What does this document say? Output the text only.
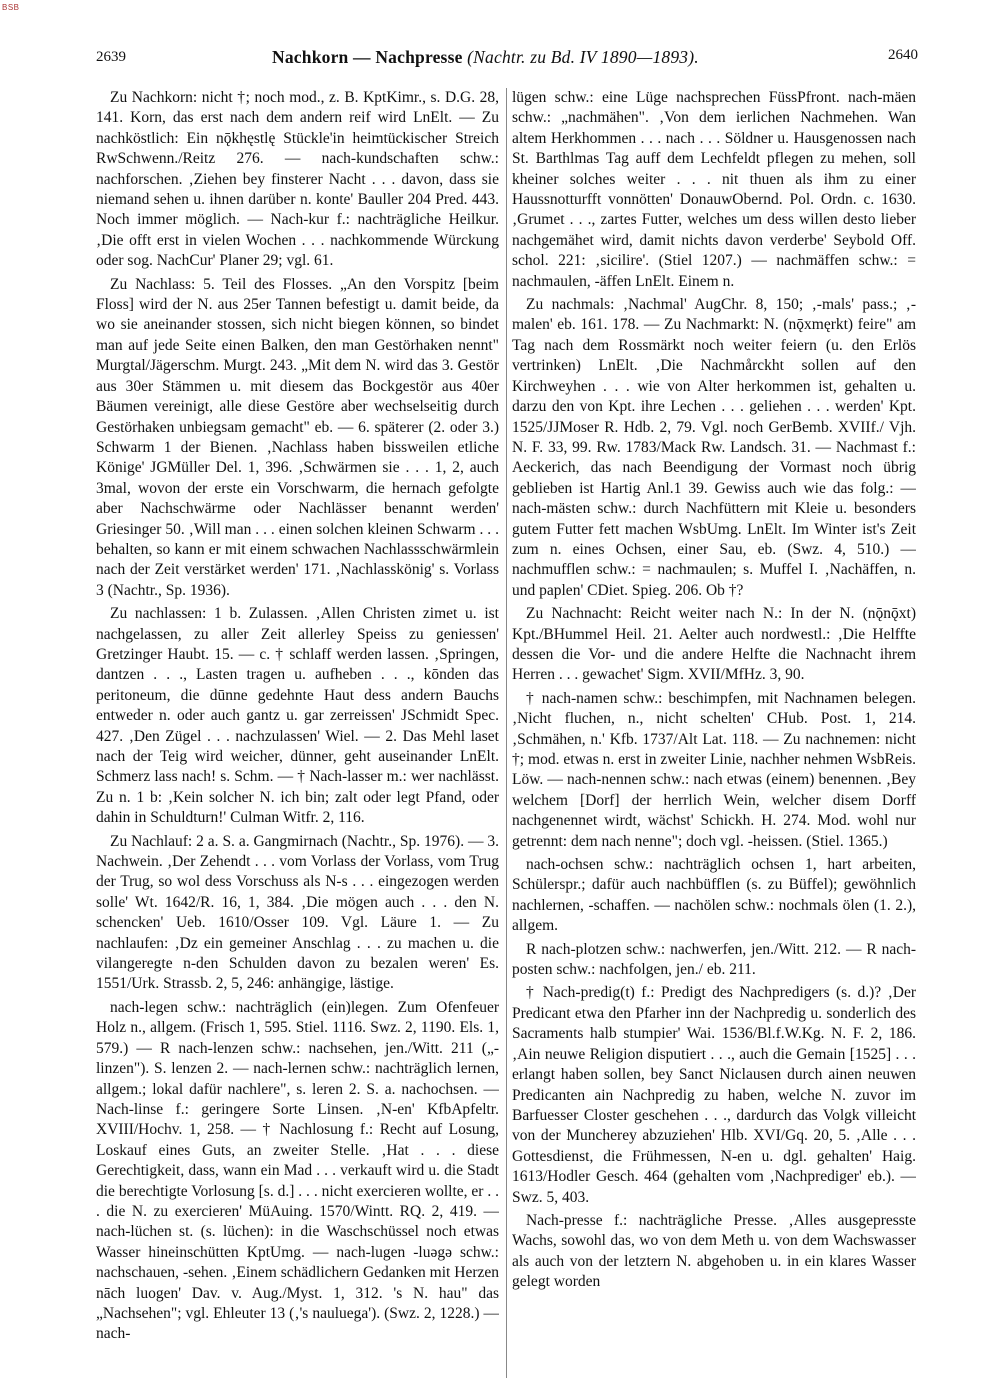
BSB
2639	Nachkorn — Nachpresse (Nachtr. zu Bd. IV 1890—1893).	2640

Zu Nachkorn: nicht †; noch mod., z. B. KptKimr., s. D.G. 28, 141. Korn, das erst nach dem andern reif wird LnElt. — Zu nachköstlich: Ein nǭkhęstlę Stückle'in heimtückischer Streich RwSchwenn./Reitz 276. — nach-kundschaften schw.: nachforschen. ‚Ziehen bey finsterer Nacht . . . davon, dass sie niemand sehen u. ihnen darüber n. konte' Bauller 204 Pred. 443. Noch immer möglich. — Nach-kur f.: nachträgliche Heilkur. ‚Die offt erst in vielen Wochen . . . nachkommende Würckung oder sog. NachCur' Planer 29; vgl. 61.

Zu Nachlass: 5. Teil des Flosses. „An den Vorspitz [beim Floss] wird der N. aus 25er Tannen befestigt u. damit beide, da wo sie aneinander stossen, sich nicht biegen können, so bindet man auf jede Seite einen Balken, den man Gestörhaken nennt" Murgtal/Jägerschm. Murgt. 243. „Mit dem N. wird das 3. Gestör aus 30er Stämmen u. mit diesem das Bockgestör aus 40er Bäumen vereinigt, alle diese Gestöre aber wechselseitig durch Gestörhaken unbiegsam gemacht" eb. — 6. späterer (2. oder 3.) Schwarm 1 der Bienen. ‚Nachlass haben bissweilen etliche Könige' JGMüller Del. 1, 396. ‚Schwärmen sie . . . 1, 2, auch 3mal, wovon der erste ein Vorschwarm, die hernach gefolgte aber Nachschwärme oder Nachlässer benannt werden' Griesinger 50. ‚Will man . . . einen solchen kleinen Schwarm . . . behalten, so kann er mit einem schwachen Nachlassschwärmlein nach der Zeit verstärket werden' 171. ‚Nachlasskönig' s. Vorlass 3 (Nachtr., Sp. 1936).

Zu nachlassen: 1 b. Zulassen. ‚Allen Christen zimet u. ist nachgelassen, zu aller Zeit allerley Speiss zu geniessen' Gretzinger Haubt. 15. — c. † schlaff werden lassen. ‚Springen, dantzen . . ., Lasten tragen u. aufheben . . ., kōnden das peritoneum, die dūnne gedehnte Haut dess andern Bauchs entweder n. oder auch gantz u. gar zerreissen' JSchmidt Spec. 427. ‚Den Zügel . . . nachzulassen' Wiel. — 2. Das Mehl laset nach der Teig wird weicher, dünner, geht auseinander LnElt. Schmerz lass nach! s. Schm. — † Nach-lasser m.: wer nachlässt. Zu n. 1 b: ‚Kein solcher N. ich bin; zalt oder legt Pfand, oder dahin in Schuldturn!' Culman Witfr. 2, 116.

Zu Nachlauf: 2 a. S. a. Gangmirnach (Nachtr., Sp. 1976). — 3. Nachwein. ‚Der Zehendt . . . vom Vorlass der Vorlass, vom Trug der Trug, so wol dess Vorschuss als N-s . . . eingezogen werden solle' Wt. 1642/R. 16, 1, 384. ‚Die mögen auch . . . den N. schencken' Ueb. 1610/Osser 109. Vgl. Läure 1. — Zu nachlaufen: ‚Dz ein gemeiner Anschlag . . . zu machen u. die vilangeregte n-den Schulden davon zu bezalen weren' Es. 1551/Urk. Strassb. 2, 5, 246: anhängige, lästige.

nach-legen schw.: nachträglich (ein)legen. Zum Ofenfeuer Holz n., allgem. (Frisch 1, 595. Stiel. 1116. Swz. 2, 1190. Els. 1, 579.) — R nach-lenzen schw.: nachsehen, jen./Witt. 211 („-linzen"). S. lenzen 2. — nach-lernen schw.: nachträglich lernen, allgem.; lokal dafür nachlere", s. leren 2. S. a. nachochsen. — Nach-linse f.: geringere Sorte Linsen. ‚N-en' KfbApfeltr. XVIII/Hochv. 1, 258. — † Nachlosung f.: Recht auf Losung, Loskauf eines Guts, an zweiter Stelle. ‚Hat . . . diese Gerechtigkeit, dass, wann ein Mad . . . verkauft wird u. die Stadt die berechtigte Vorlosung [s. d.] . . . nicht exercieren wollte, er . . . die N. zu exercieren' MüAuing. 1570/Wintt. RQ. 2, 419. — nach-lüchen st. (s. lüchen): in die Waschschüssel noch etwas Wasser hineinschütten KptUmg. — nach-lugen -luəgə schw.: nachschauen, -sehen. ‚Einem schädlichern Gedanken mit Herzen nāch luogen' Dav. v. Aug./Myst. 1, 312. 's N. hau" das „Nachsehen"; vgl. Ehleuter 13 (‚'s nauluega'). (Swz. 2, 1228.) — nach-

lügen schw.: eine Lüge nachsprechen FüssPfront. nach-mäen schw.: „nachmähen". ‚Von dem ierlichen Nachmehen. Wan altem Herkhommen . . . nach . . . Söldner u. Hausgenossen nach St. Barthlmas Tag auff dem Lechfeldt pflegen zu mehen, soll kheiner solches weiter . . . nit thuen als ihm zu einer Haussnotturfft vonnötten' DonauwObernd. Pol. Ordn. c. 1630. ‚Grumet . . ., zartes Futter, welches um dess willen desto lieber nachgemähet wird, damit nichts davon verderbe' Seybold Off. schol. 221: ‚sicilire'. (Stiel 1207.) — nachmäffen schw.: = nachmaulen, -äffen LnElt. Einem n.

Zu nachmals: ‚Nachmal' AugChr. 8, 150; ‚-mals' pass.; ‚-malen' eb. 161. 178. — Zu Nachmarkt: N. (nǭxmęrkt) feire" am Tag nach dem Rossmärkt noch weiter feiern (u. den Erlös vertrinken) LnElt. ‚Die Nachmårckht sollen auf den Kirchweyhen . . . wie von Alter herkommen ist, gehalten u. darzu den von Kpt. ihre Lechen . . . geliehen . . . werden' Kpt. 1525/JJMoser R. Hdb. 2, 79. Vgl. noch GerBemb. XVIIf./ Vjh. N. F. 33, 99. Rw. 1783/Mack Rw. Landsch. 31. — Nachmast f.: Aeckerich, das nach Beendigung der Vormast noch übrig geblieben ist Hartig Anl.1 39. Gewiss auch wie das folg.: — nach-mästen schw.: durch Nachfüttern mit Kleie u. besonders gutem Futter fett machen WsbUmg. LnElt. Im Winter ist's Zeit zum n. eines Ochsen, einer Sau, eb. (Swz. 4, 510.) — nachmufflen schw.: = nachmaulen; s. Muffel I. ‚Nachäffen, n. und paplen' CDiet. Spieg. 206. Ob †?

Zu Nachnacht: Reicht weiter nach N.: In der N. (nǭnǭxt) Kpt./BHummel Heil. 21. Aelter auch nordwestl.: ‚Die Helffte dessen die Vor- und die andere Helfte die Nachnacht ihrem Herren . . . gewachet' Sigm. XVII/MfHz. 3, 90.

† nach-namen schw.: beschimpfen, mit Nachnamen belegen. ‚Nicht fluchen, n., nicht schelten' CHub. Post. 1, 214. ‚Schmähen, n.' Kfb. 1737/Alt Lat. 118. — Zu nachnemen: nicht †; mod. etwas n. erst in zweiter Linie, nachher nehmen WsbReis. Löw. — nach-nennen schw.: nach etwas (einem) benennen. ‚Bey welchem [Dorf] der herrlich Wein, welcher disem Dorff nachgenennet wirdt, wächst' Schickh. H. 274. Mod. wohl nur getrennt: dem nach nenne"; doch vgl. -heissen. (Stiel. 1365.)

nach-ochsen schw.: nachträglich ochsen 1, hart arbeiten, Schülerspr.; dafür auch nachbüfflen (s. zu Büffel); gewöhnlich nachlernen, -schaffen. — nachölen schw.: nochmals ölen (1. 2.), allgem.

R nach-plotzen schw.: nachwerfen, jen./Witt. 212. — R nach-posten schw.: nachfolgen, jen./ eb. 211.

† Nach-predig(t) f.: Predigt des Nachpredigers (s. d.)? ‚Der Predicant etwa den Pfarher inn der Nachpredig u. sonderlich des Sacraments halb stumpier' Wai. 1536/Bl.f.W.Kg. N. F. 2, 186. ‚Ain neuwe Religion disputiert . . ., auch die Gemain [1525] . . . erlangt haben sollen, bey Sanct Niclausen durch ainen neuwen Predicanten ain Nachpredig zu haben, welche N. zuvor im Barfuesser Closter geschehen . . ., dardurch das Volgk villeicht von der Muncherey abzuziehen' Hlb. XVI/Gq. 20, 5. ‚Alle . . . Gottesdienst, die Frühmessen, N-en u. dgl. gehalten' Haig. 1613/Hodler Gesch. 464 (gehalten vom ‚Nachprediger' eb.). — Swz. 5, 403.

Nach-presse f.: nachträgliche Presse. ‚Alles ausgepresste Wachs, sowohl das, wo von dem Meth u. von dem Wachswasser als auch von der letztern N. abgehoben u. in ein klares Wasser gelegt worden
